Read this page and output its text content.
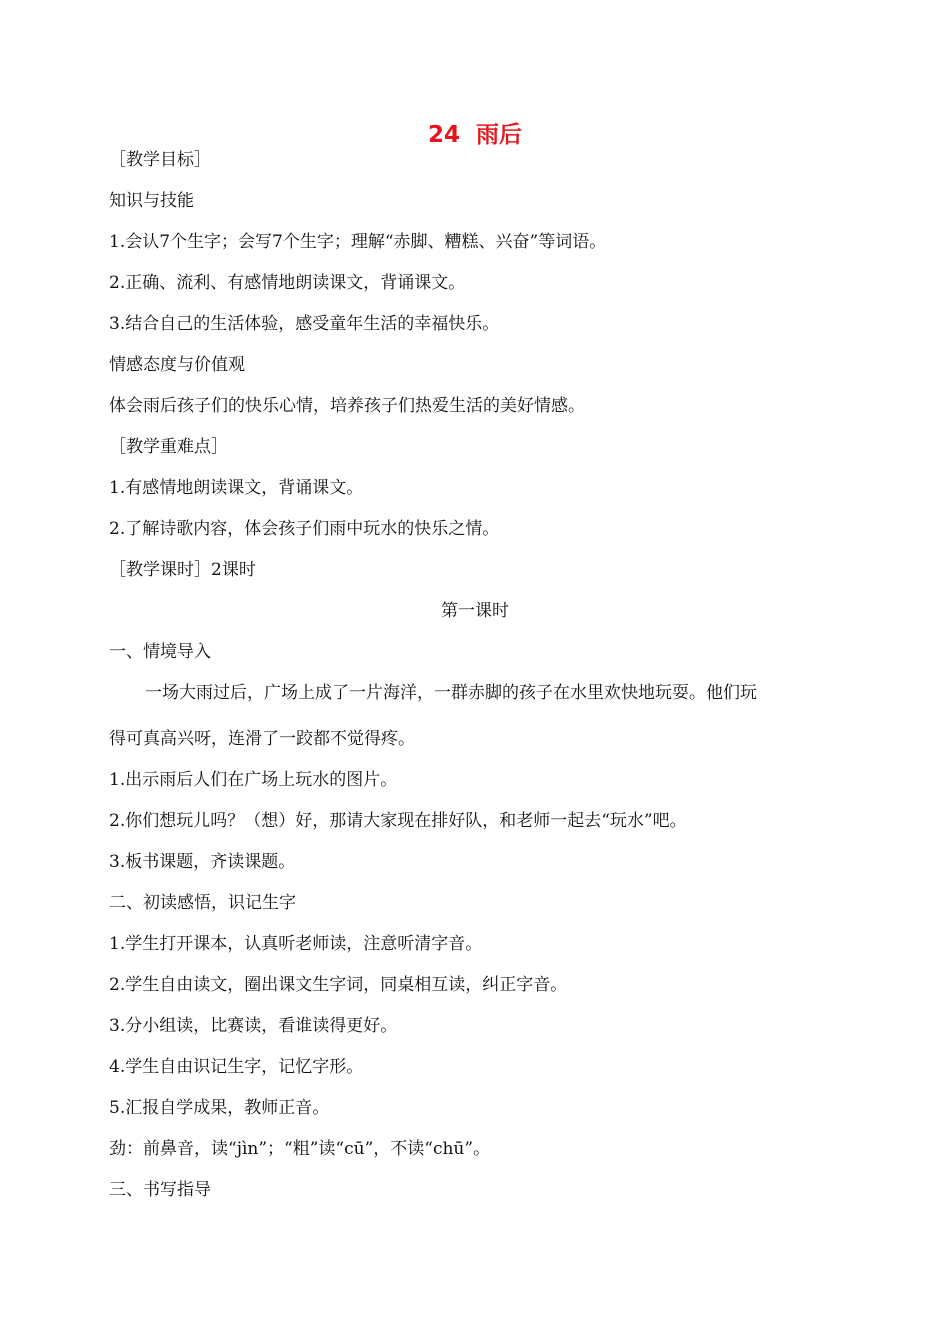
24  雨后
［教学目标］
知识与技能
1.会认7个生字；会写7个生字；理解“赤脚、糟糕、兴奋”等词语。
2.正确、流利、有感情地朗读课文，背诵课文。
3.结合自己的生活体验，感受童年生活的幸福快乐。
情感态度与价值观
体会雨后孩子们的快乐心情，培养孩子们热爱生活的美好情感。
［教学重难点］
1.有感情地朗读课文，背诵课文。
2.了解诗歌内容，体会孩子们雨中玩水的快乐之情。
［教学课时］2课时
第一课时
一、情境导入
一场大雨过后，广场上成了一片海洋，一群赤脚的孩子在水里欢快地玩耍。他们玩
得可真高兴呀，连滑了一跤都不觉得疼。
1.出示雨后人们在广场上玩水的图片。
2.你们想玩儿吗？（想）好，那请大家现在排好队，和老师一起去“玩水”吧。
3.板书课题，齐读课题。
二、初读感悟，识记生字
1.学生打开课本，认真听老师读，注意听清字音。
2.学生自由读文，圈出课文生字词，同桌相互读，纠正字音。
3.分小组读，比赛读，看谁读得更好。
4.学生自由识记生字，记忆字形。
5.汇报自学成果，教师正音。
劲：前鼻音，读“jìn”；“粗”读“cū”，不读“chū”。
三、书写指导
